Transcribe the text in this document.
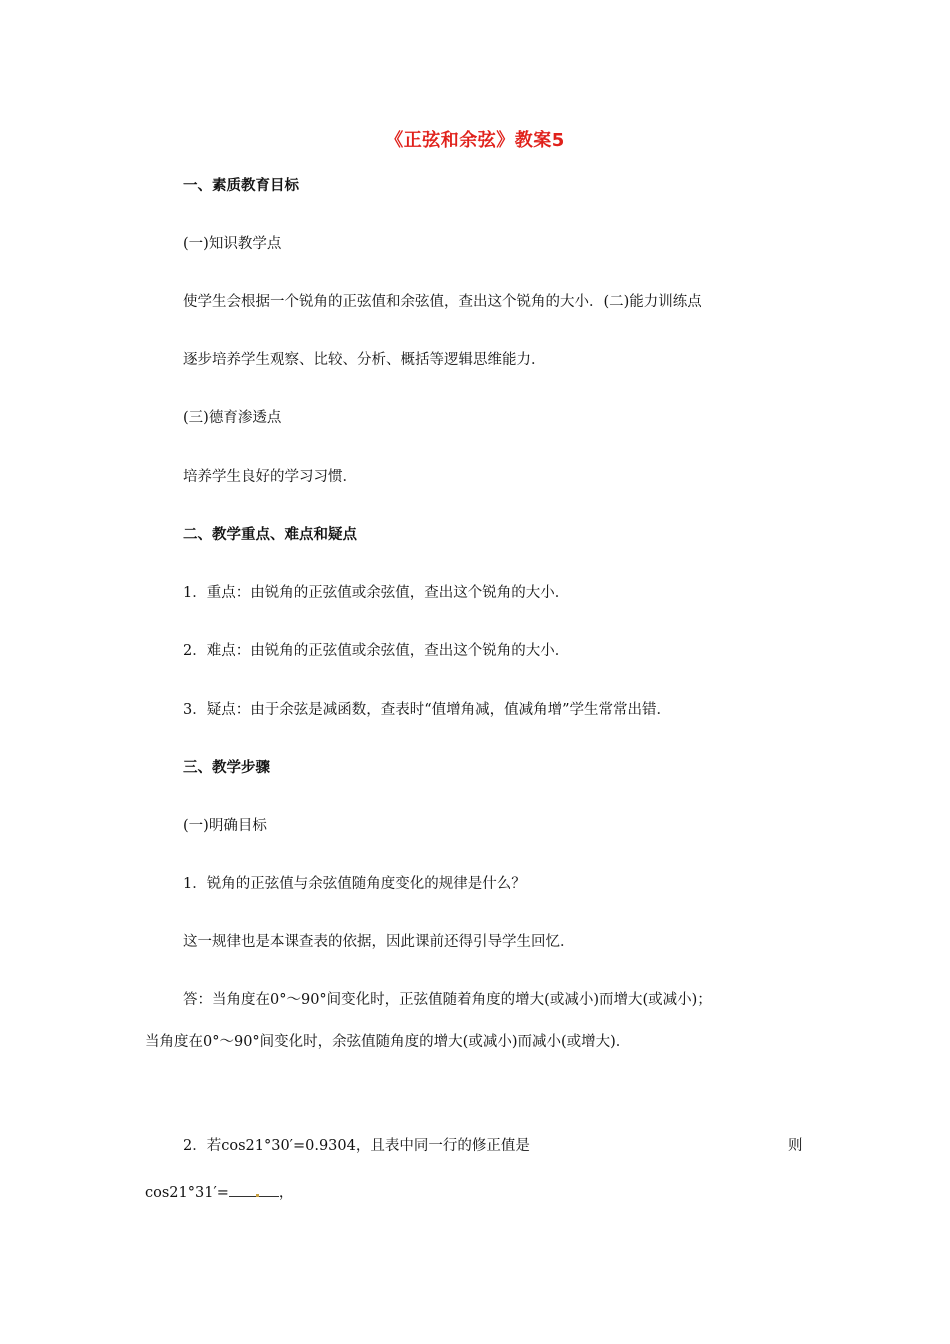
《正弦和余弦》教案5
一、素质教育目标
(一)知识教学点
使学生会根据一个锐角的正弦值和余弦值，查出这个锐角的大小．(二)能力训练点
逐步培养学生观察、比较、分析、概括等逻辑思维能力．
(三)德育渗透点
培养学生良好的学习习惯．
二、教学重点、难点和疑点
1．重点：由锐角的正弦值或余弦值，查出这个锐角的大小．
2．难点：由锐角的正弦值或余弦值，查出这个锐角的大小．
3．疑点：由于余弦是减函数，查表时“值增角减，值减角增”学生常常出错．
三、教学步骤
(一)明确目标
1．锐角的正弦值与余弦值随角度变化的规律是什么？
这一规律也是本课查表的依据，因此课前还得引导学生回忆．
答：当角度在0°～90°间变化时，正弦值随着角度的增大(或减小)而增大(或减小)；
当角度在0°～90°间变化时，余弦值随角度的增大(或减小)而减小(或增大)．
2．若cos21°30′=0.9304，且表中同一行的修正值是	则
cos21°31′=	，
